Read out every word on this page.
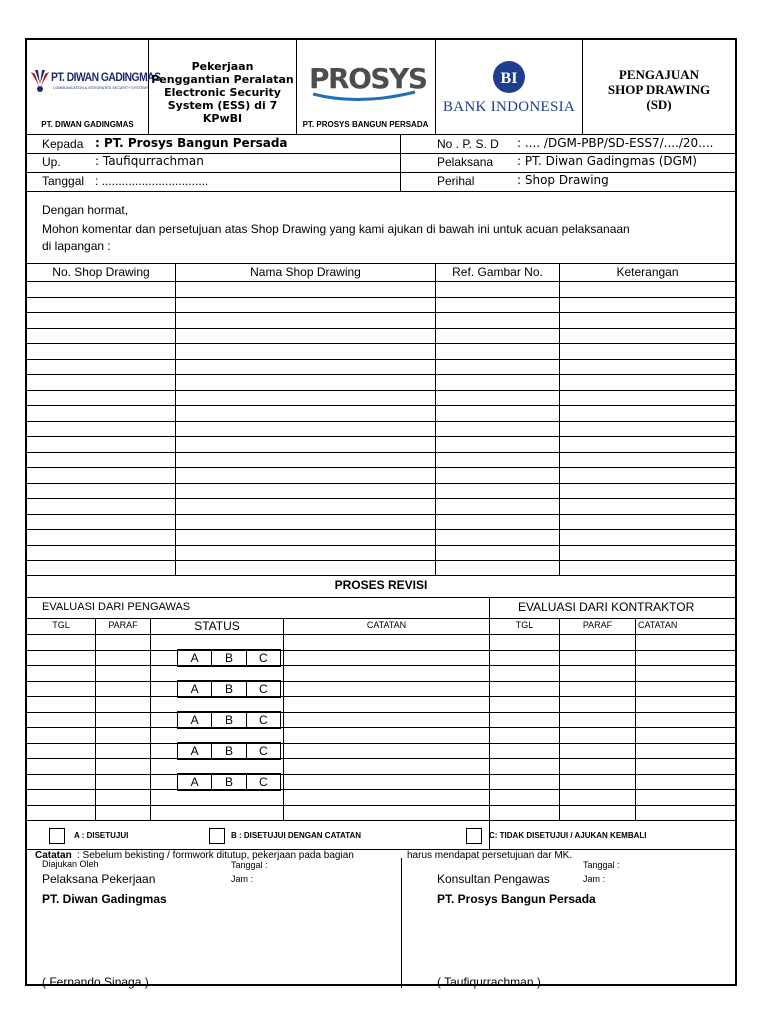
PT. DIWAN GADINGMAS
COMMUNICATION & INTEGRATED SECURITY SYSTEMS
PT. DIWAN GADINGMAS
Pekerjaan Penggantian Peralatan Electronic Security System (ESS) di 7 KPwBI
PROSYS
PT. PROSYS BANGUN PERSADA
BI
BANK INDONESIA
PENGAJUAN
SHOP DRAWING
(SD)
Kepada : PT. Prosys Bangun Persada
Up.	: Taufiqurrachman
Tanggal : ................................
No . P. S. D : .... /DGM-PBP/SD-ESS7/..../20....
Pelaksana : PT. Diwan Gadingmas (DGM)
Perihal	: Shop Drawing
Dengan hormat,
Mohon komentar dan persetujuan atas Shop Drawing yang kami ajukan di bawah ini untuk acuan pelaksanaan
di lapangan :
No. Shop Drawing	Nama Shop Drawing	Ref. Gambar No.	Keterangan
PROSES REVISI
EVALUASI DARI PENGAWAS	EVALUASI DARI KONTRAKTOR
TGL	PARAF	STATUS	CATATAN	TGL	PARAF	CATATAN
A	B	C
A	B	C
A	B	C
A	B	C
A	B	C
A : DISETUJUI	B : DISETUJUI DENGAN CATATAN	C: TIDAK DISETUJUI / AJUKAN KEMBALI
Catatan : Sebelum bekisting / formwork ditutup, pekerjaan pada bagian	harus mendapat persetujuan dar MK.
Diajukan Oleh	Tanggal :
Jam :
Pelaksana Pekerjaan
PT. Diwan Gadingmas
( Fernando Sinaga )
Tanggal :
Jam :
Konsultan Pengawas
PT. Prosys Bangun Persada
( Taufiqurrachman )
